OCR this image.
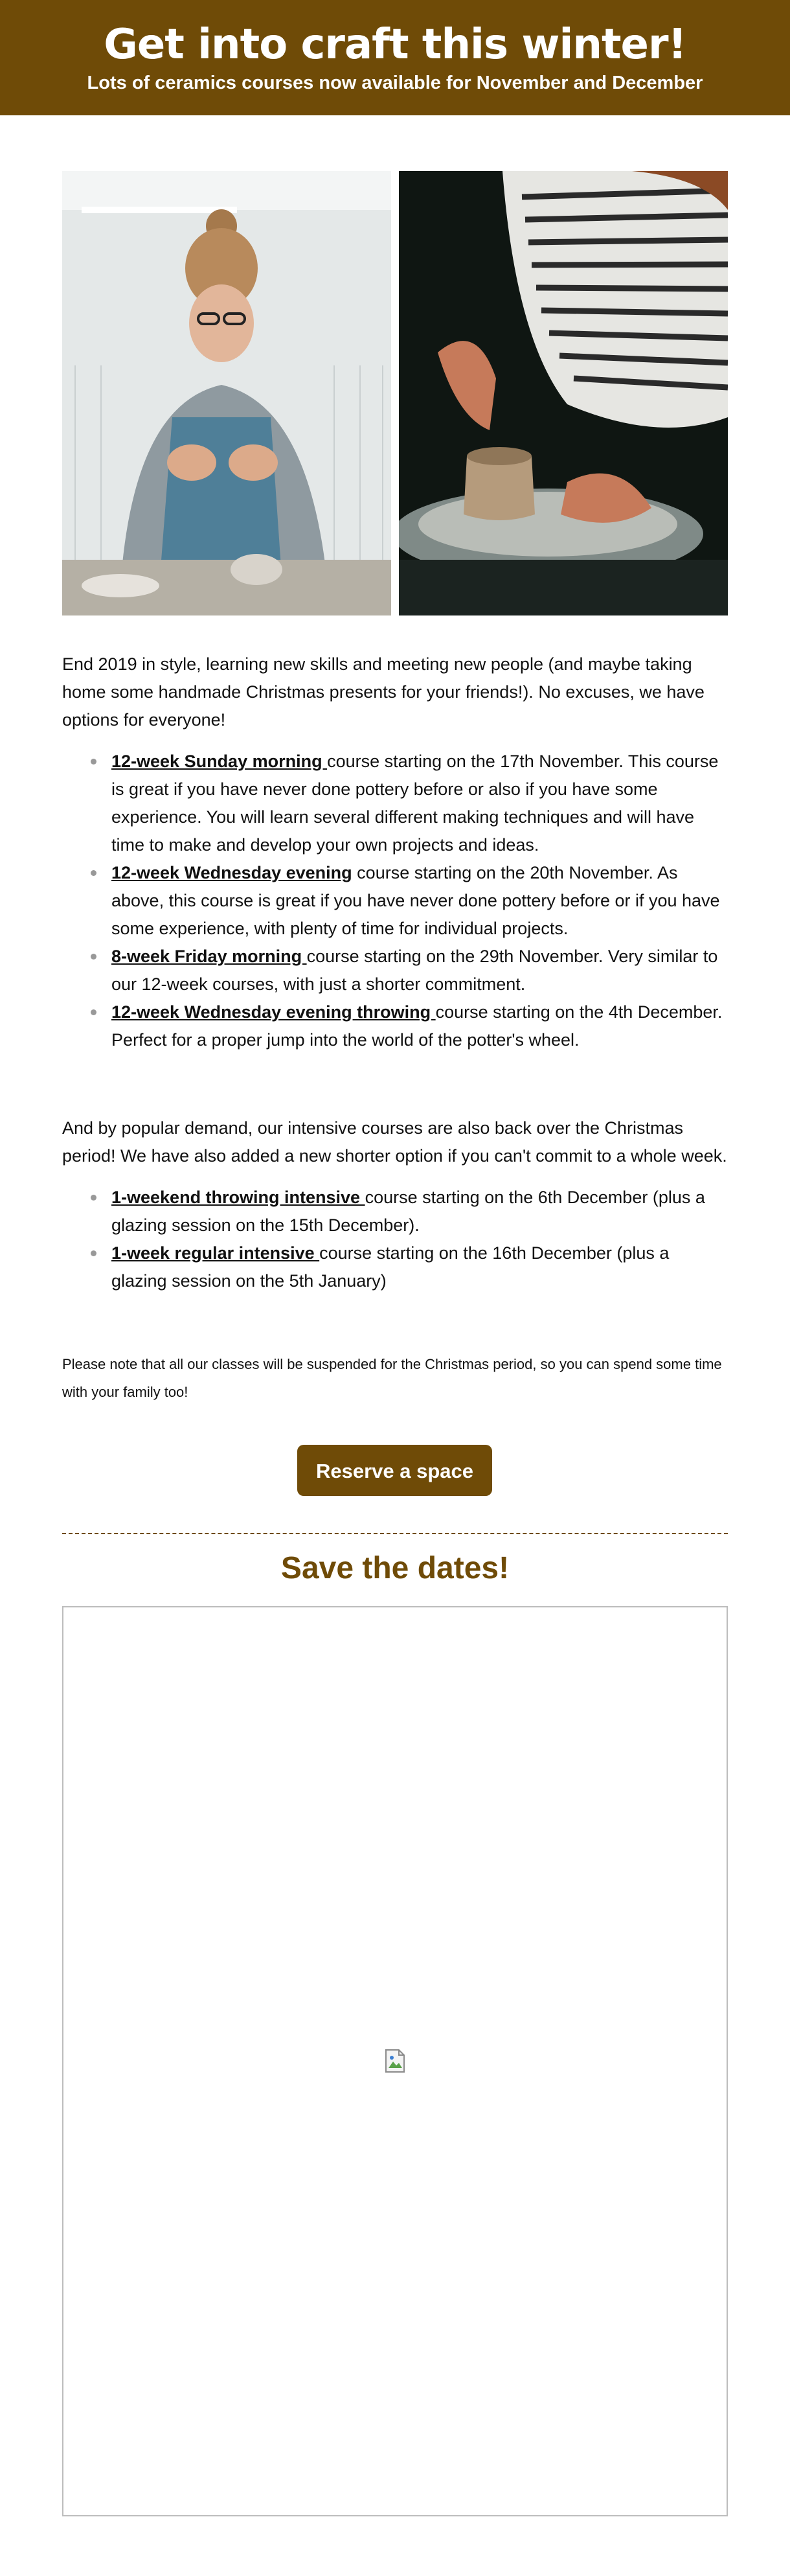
Get into craft this winter!
Lots of ceramics courses now available for November and December

End 2019 in style, learning new skills and meeting new people (and maybe taking home some handmade Christmas presents for your friends!). No excuses, we have options for everyone!

12-week Sunday morning course starting on the 17th November. This course is great if you have never done pottery before or also if you have some experience. You will learn several different making techniques and will have time to make and develop your own projects and ideas.
12-week Wednesday evening course starting on the 20th November. As above, this course is great if you have never done pottery before or if you have some experience, with plenty of time for individual projects.
8-week Friday morning course starting on the 29th November. Very similar to our 12-week courses, with just a shorter commitment.
12-week Wednesday evening throwing course starting on the 4th December. Perfect for a proper jump into the world of the potter's wheel.

And by popular demand, our intensive courses are also back over the Christmas period! We have also added a new shorter option if you can't commit to a whole week.

1-weekend throwing intensive course starting on the 6th December (plus a glazing session on the 15th December).
1-week regular intensive course starting on the 16th December (plus a glazing session on the 5th January)
Please note that all our classes will be suspended for the Christmas period, so you can spend some time with your family too!
Reserve a space
Save the dates!
